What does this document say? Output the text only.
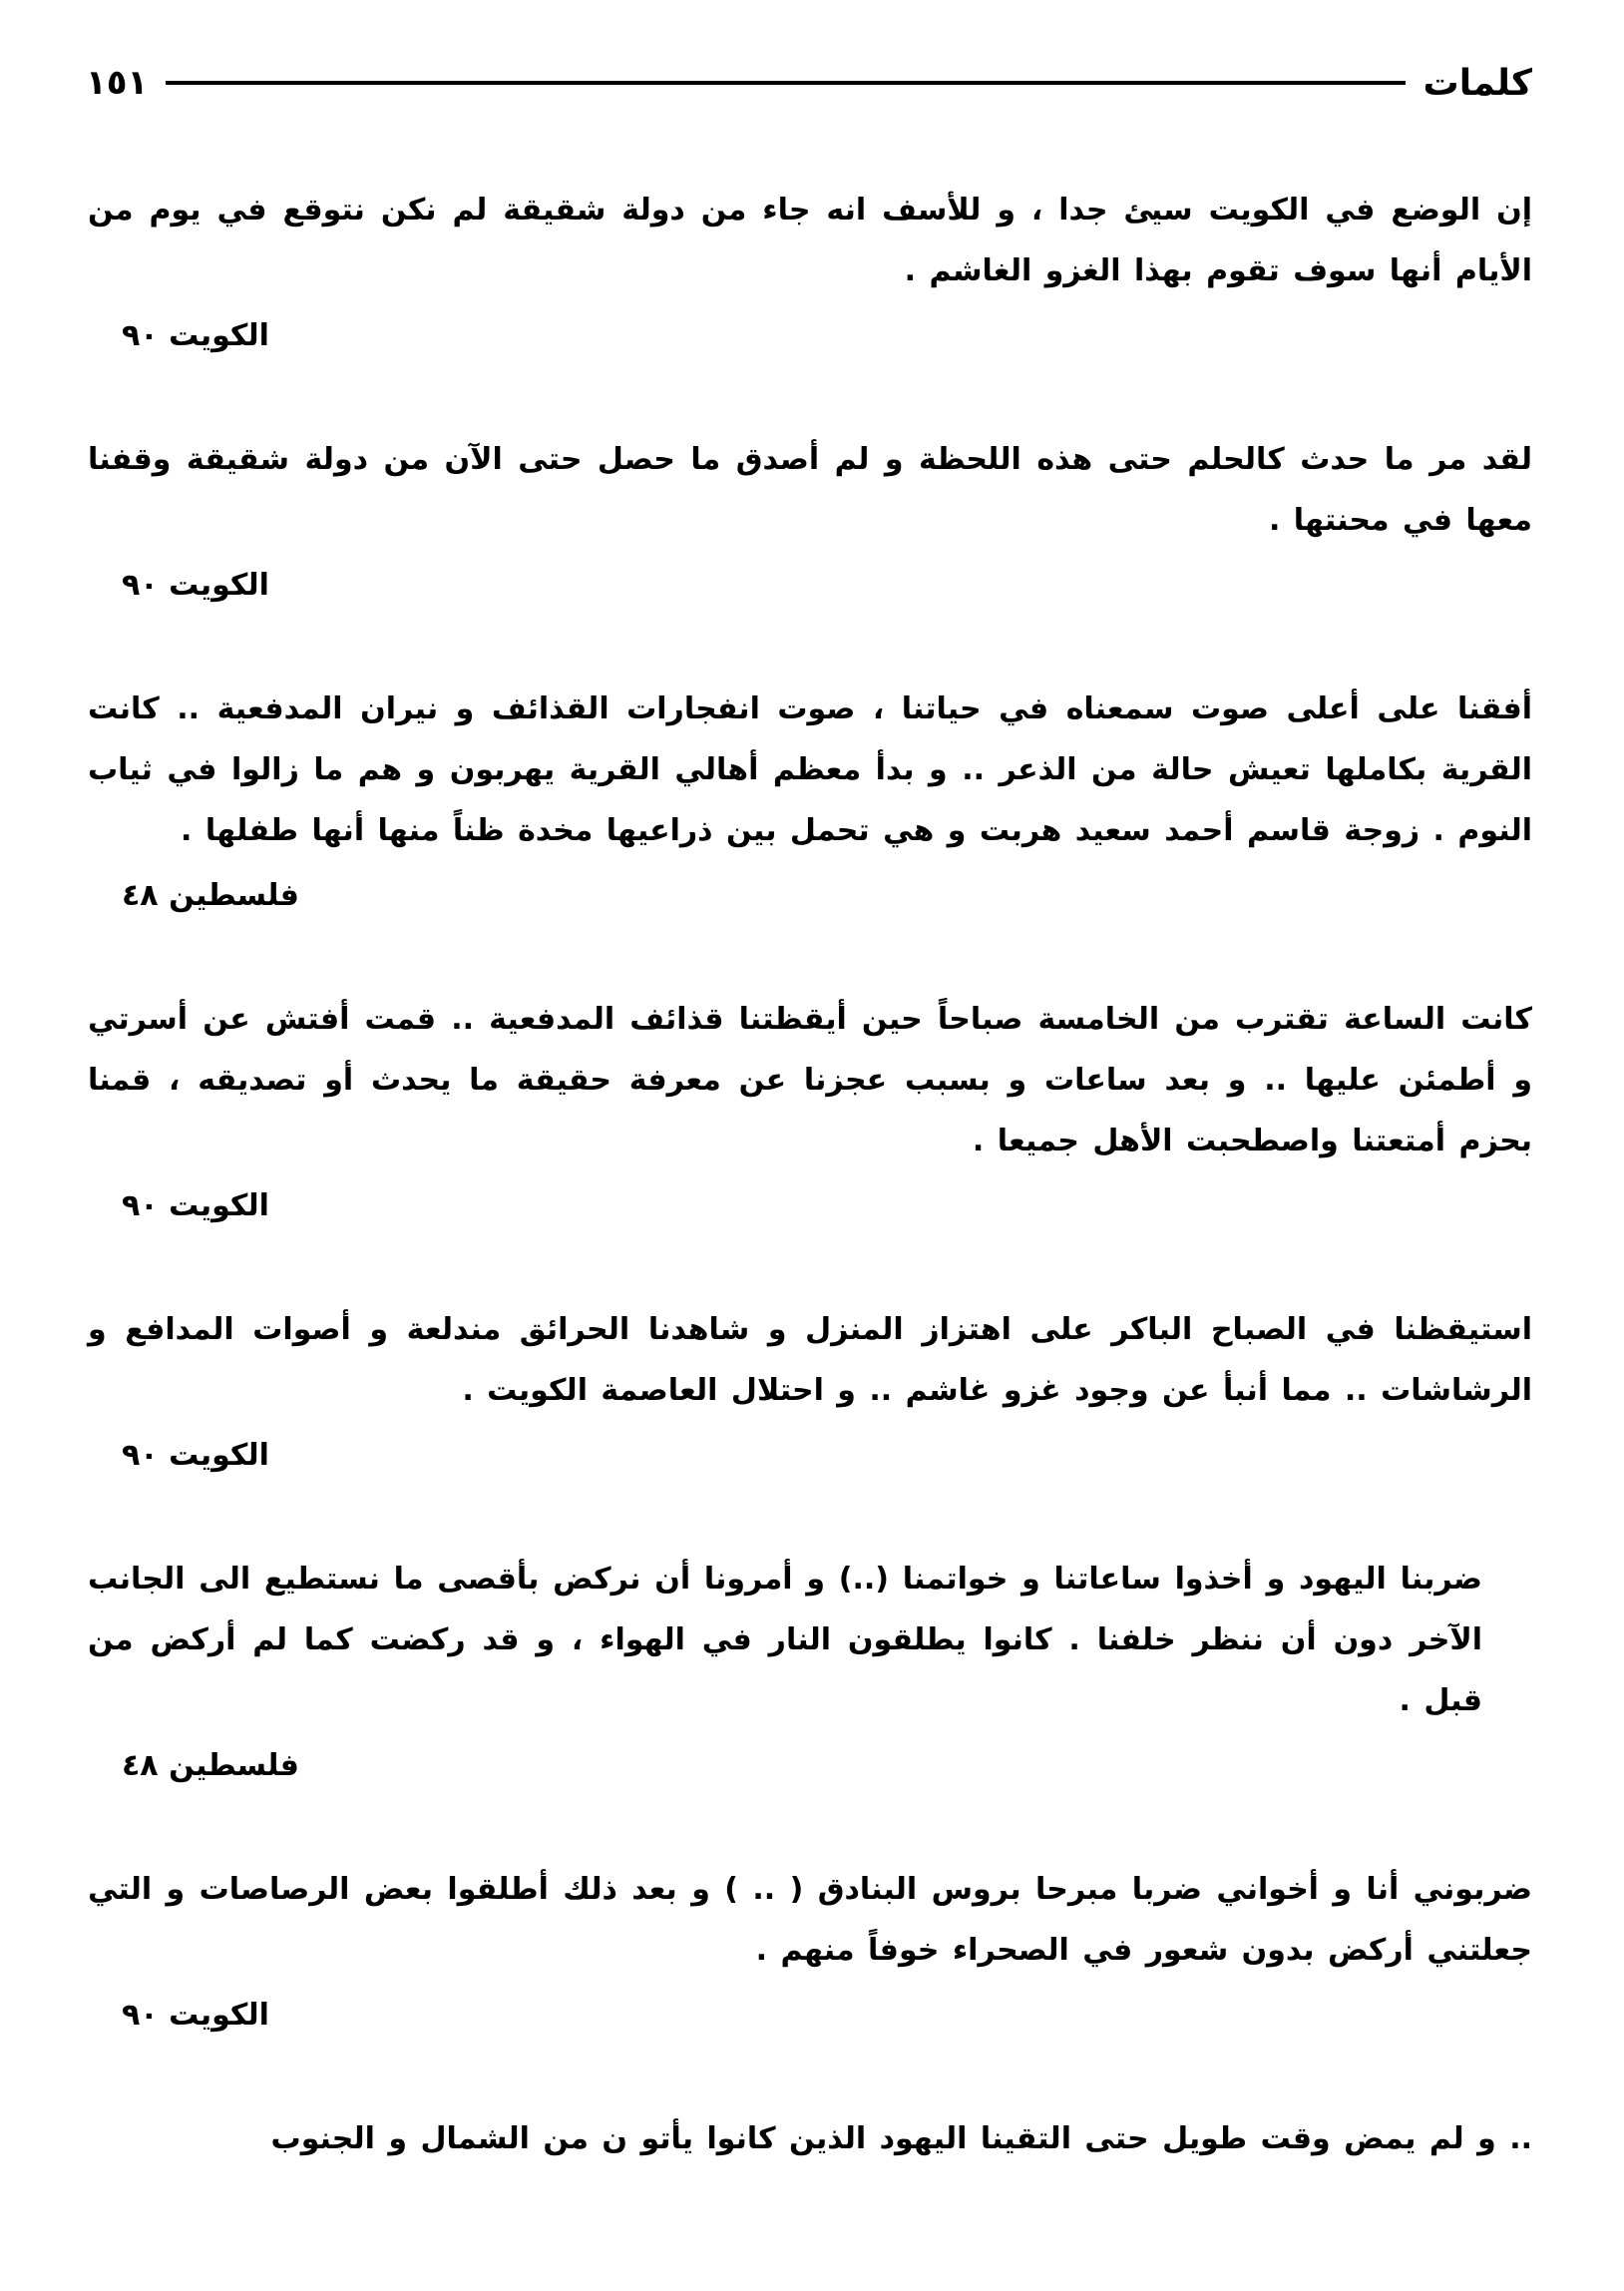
كلمات
١٥١

إن الوضع في الكويت سيئ جدا ، و للأسف انه جاء من دولة شقيقة لم نكن نتوقع في يوم من الأيام أنها سوف تقوم بهذا الغزو الغاشم .

الكويت ٩٠

لقد مر ما حدث كالحلم حتى هذه اللحظة و لم أصدق ما حصل حتى الآن من دولة شقيقة وقفنا معها في محنتها .

الكويت ٩٠

أفقنا على أعلى صوت سمعناه في حياتنا ، صوت انفجارات القذائف و نيران المدفعية .. كانت القرية بكاملها تعيش حالة من الذعر .. و بدأ معظم أهالي القرية يهربون و هم ما زالوا في ثياب النوم . زوجة قاسم أحمد سعيد هربت و هي تحمل بين ذراعيها مخدة ظناً منها أنها طفلها .

فلسطين ٤٨

كانت الساعة تقترب من الخامسة صباحاً حين أيقظتنا قذائف المدفعية .. قمت أفتش عن أسرتي و أطمئن عليها .. و بعد ساعات و بسبب عجزنا عن معرفة حقيقة ما يحدث أو تصديقه ، قمنا بحزم أمتعتنا واصطحبت الأهل جميعا .

الكويت ٩٠

استيقظنا في الصباح الباكر على اهتزاز المنزل و شاهدنا الحرائق مندلعة و أصوات المدافع و الرشاشات .. مما أنبأ عن وجود غزو غاشم .. و احتلال العاصمة الكويت .

الكويت ٩٠

ضربنا اليهود و أخذوا ساعاتنا و خواتمنا (..) و أمرونا أن نركض بأقصى ما نستطيع الى الجانب الآخر دون أن ننظر خلفنا . كانوا يطلقون النار في الهواء ، و قد ركضت كما لم أركض من قبل .

فلسطين ٤٨

ضربوني أنا و أخواني ضربا مبرحا بروس البنادق ( .. ) و بعد ذلك أطلقوا بعض الرصاصات و التي جعلتني أركض بدون شعور في الصحراء خوفاً منهم .

الكويت ٩٠

.. و لم يمض وقت طويل حتى التقينا اليهود الذين كانوا يأتو ن من الشمال و الجنوب
